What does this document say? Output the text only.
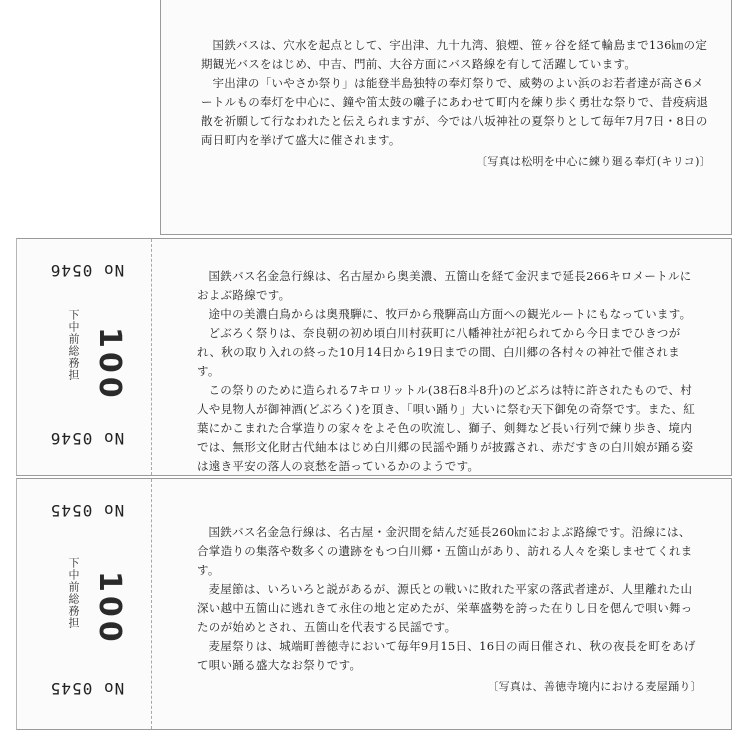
国鉄バスは、穴水を起点として、宇出津、九十九湾、狼煙、笹ヶ谷を経て輪島まで136㎞の定期観光バスをはじめ、中吉、門前、大谷方面にバス路線を有して活躍しています。

宇出津の「いやさか祭り」は能登半島独特の奉灯祭りで、威勢のよい浜のお若者達が高さ6メートルもの奉灯を中心に、鐘や笛太鼓の囃子にあわせて町内を練り歩く勇壮な祭りで、昔疫病退散を祈願して行なわれたと伝えられますが、今では八坂神社の夏祭りとして毎年7月7日・8日の両日町内を挙げて盛大に催されます。

〔写真は松明を中心に練り廻る奉灯(キリコ)〕
No 0546
下中前総務担 100
No 0546

国鉄バス名金急行線は、名古屋から奥美濃、五箇山を経て金沢まで延長266キロメートルにおよぶ路線です。

途中の美濃白鳥からは奥飛騨に、牧戸から飛騨高山方面への観光ルートにもなっています。

どぶろく祭りは、奈良朝の初め頃白川村荻町に八幡神社が祀られてから今日までひきつがれ、秋の取り入れの終った10月14日から19日までの間、白川郷の各村々の神社で催されます。

この祭りのために造られる7キロリットル(38石8斗8升)のどぶろは特に許されたもので、村人や見物人が御神酒(どぶろく)を頂き、「唄い踊り」大いに祭む天下御免の奇祭です。また、紅葉にかこまれた合掌造りの家々をよそ色の吹流し、獅子、剣舞など長い行列で練り歩き、境内では、無形文化財古代紬本はじめ白川郷の民謡や踊りが披露され、赤だすきの白川娘が踊る姿は遠き平安の落人の哀愁を語っているかのようです。

No 0545
下中前総務担 100
No 0545

国鉄バス名金急行線は、名古屋・金沢間を結んだ延長260㎞におよぶ路線です。沿線には、合掌造りの集落や数多くの遺跡をもつ白川郷・五箇山があり、訪れる人々を楽しませてくれます。

麦屋節は、いろいろと説があるが、源氏との戦いに敗れた平家の落武者達が、人里離れた山深い越中五箇山に逃れきて永住の地と定めたが、栄華盛勢を誇った在りし日を偲んで唄い舞ったのが始めとされ、五箇山を代表する民謡です。

麦屋祭りは、城端町善徳寺において毎年9月15日、16日の両日催され、秋の夜長を町をあげて唄い踊る盛大なお祭りです。

〔写真は、善徳寺境内における麦屋踊り〕
